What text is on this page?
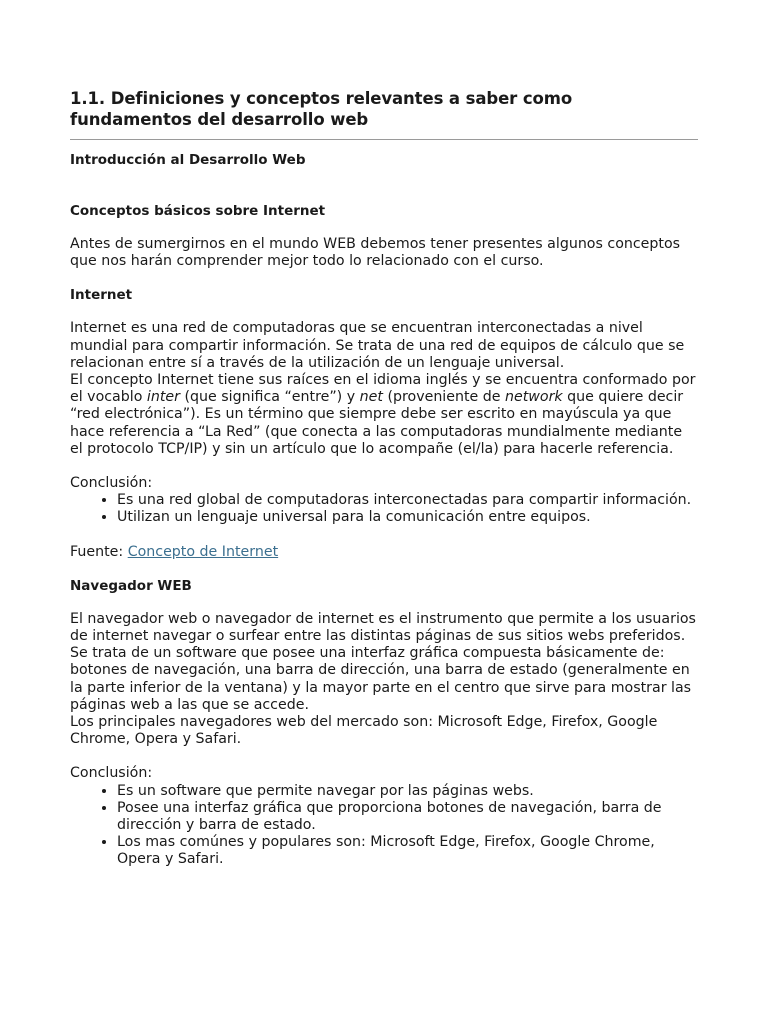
1.1. Definiciones y conceptos relevantes a saber como fundamentos del desarrollo web
Introducción al Desarrollo Web
Conceptos básicos sobre Internet

Antes de sumergirnos en el mundo WEB debemos tener presentes algunos conceptos que nos harán comprender mejor todo lo relacionado con el curso.

Internet

Internet es una red de computadoras que se encuentran interconectadas a nivel mundial para compartir información. Se trata de una red de equipos de cálculo que se relacionan entre sí a través de la utilización de un lenguaje universal.

El concepto Internet tiene sus raíces en el idioma inglés y se encuentra conformado por el vocablo inter (que significa “entre”) y net (proveniente de network que quiere decir “red electrónica”). Es un término que siempre debe ser escrito en mayúscula ya que hace referencia a “La Red” (que conecta a las computadoras mundialmente mediante el protocolo TCP/IP) y sin un artículo que lo acompañe (el/la) para hacerle referencia.

Conclusión:

• Es una red global de computadoras interconectadas para compartir información.
• Utilizan un lenguaje universal para la comunicación entre equipos.

Fuente: Concepto de Internet

Navegador WEB

El navegador web o navegador de internet es el instrumento que permite a los usuarios de internet navegar o surfear entre las distintas páginas de sus sitios webs preferidos. Se trata de un software que posee una interfaz gráfica compuesta básicamente de: botones de navegación, una barra de dirección, una barra de estado (generalmente en la parte inferior de la ventana) y la mayor parte en el centro que sirve para mostrar las páginas web a las que se accede.

Los principales navegadores web del mercado son: Microsoft Edge, Firefox, Google Chrome, Opera y Safari.

Conclusión:

• Es un software que permite navegar por las páginas webs.
• Posee una interfaz gráfica que proporciona botones de navegación, barra de dirección y barra de estado.
• Los mas comúnes y populares son: Microsoft Edge, Firefox, Google Chrome, Opera y Safari.
